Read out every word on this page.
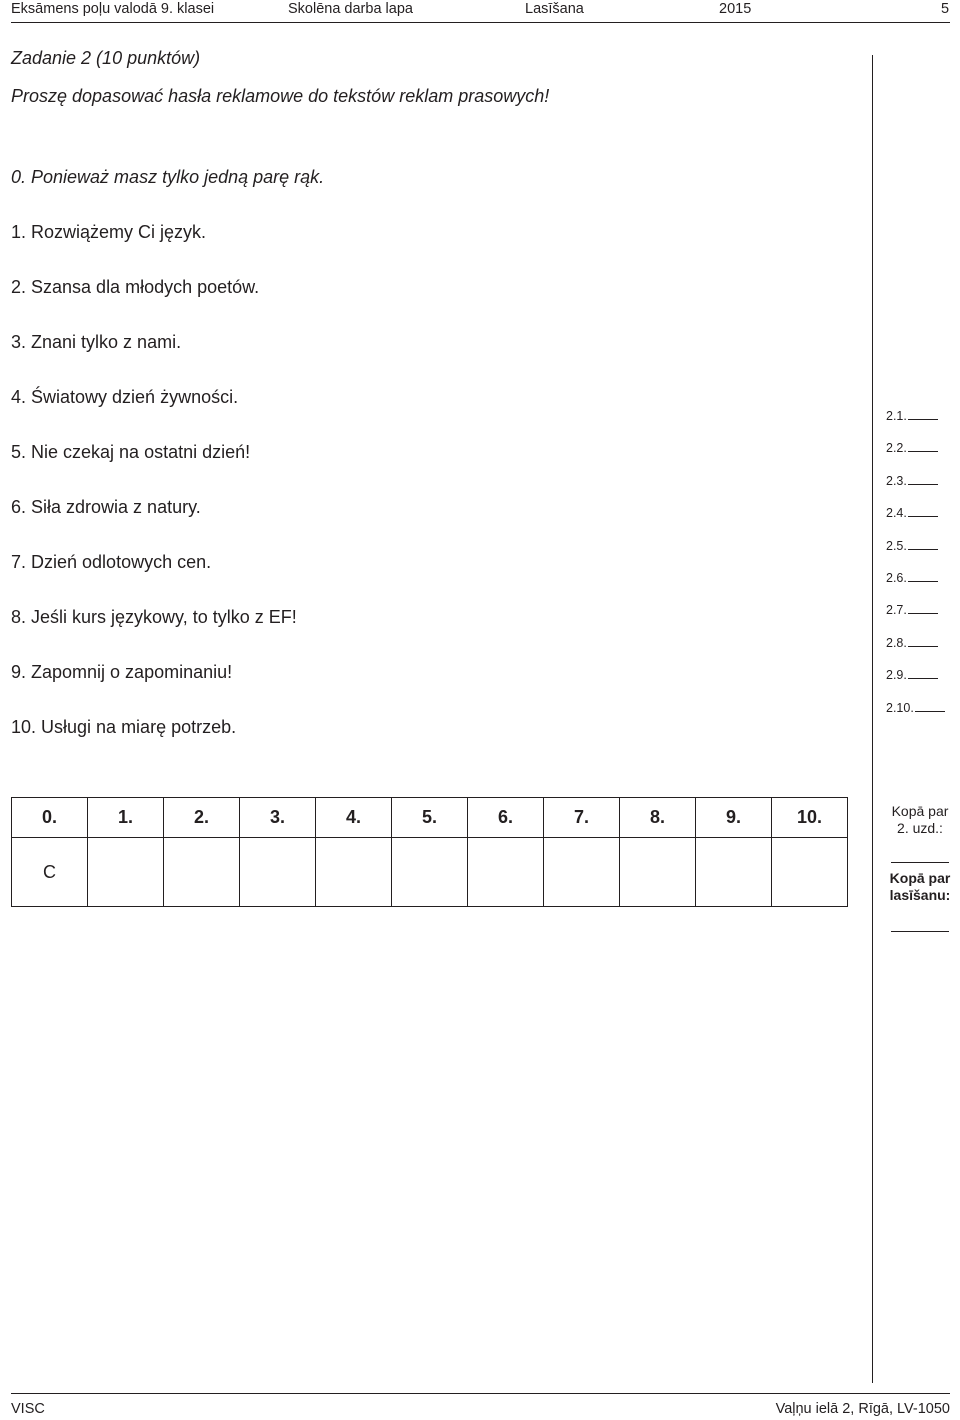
Eksāmens poļu valodā 9. klasei	Skolēna darba lapa	Lasīšana	2015	5
Zadanie 2 (10 punktów)
Proszę dopasować hasła reklamowe do tekstów reklam prasowych!
0. Ponieważ masz tylko jedną parę rąk.
1. Rozwiążemy Ci język.
2. Szansa dla młodych poetów.
3. Znani tylko z nami.
4. Światowy dzień żywności.
5. Nie czekaj na ostatni dzień!
6. Siła zdrowia z natury.
7. Dzień odlotowych cen.
8. Jeśli kurs językowy, to tylko z EF!
9. Zapomnij o zapominaniu!
10. Usługi na miarę potrzeb.
2.1.
2.2.
2.3.
2.4.
2.5.
2.6.
2.7.
2.8.
2.9.
2.10.
0.	1.	2.	3.	4.	5.	6.	7.	8.	9.	10.
C										
Kopā par
2. uzd.:
Kopā par
lasīšanu:
VISC	Vaļņu ielā 2, Rīgā, LV-1050
